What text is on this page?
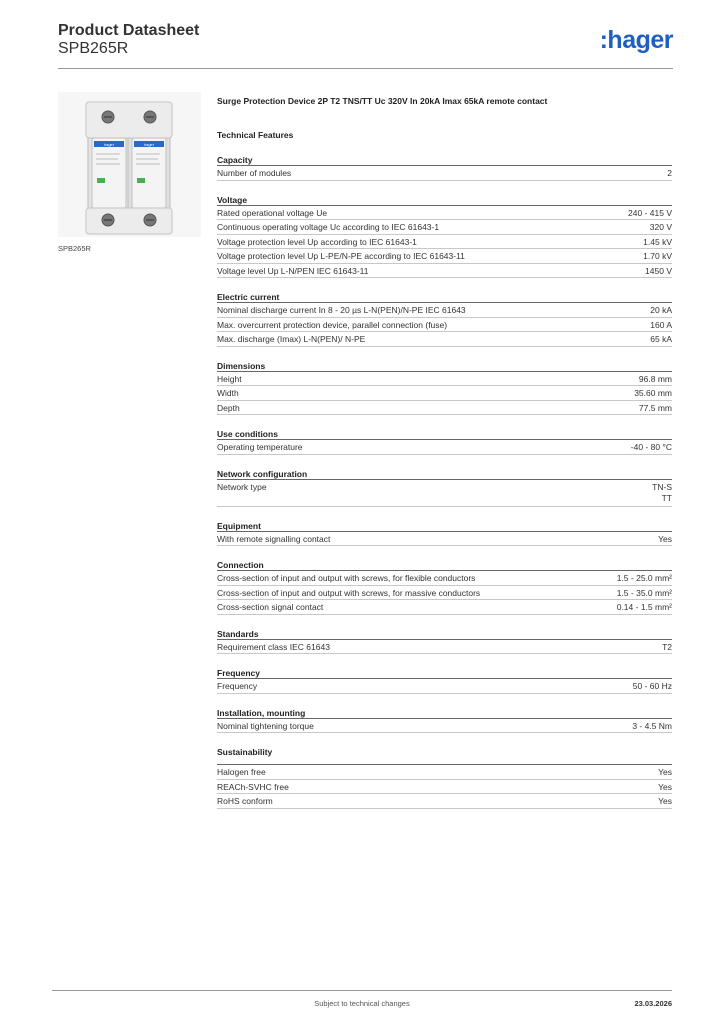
Product Datasheet
SPB265R	:hager
hager	hager
SPB265R
Surge Protection Device 2P T2 TNS/TT Uc 320V In 20kA Imax 65kA remote contact
Technical Features
Capacity
Number of modules	2
Voltage
Rated operational voltage Ue	240 - 415 V
Continuous operating voltage Uc according to IEC 61643-1	320 V
Voltage protection level Up according to IEC 61643-1	1.45 kV
Voltage protection level Up L-PE/N-PE according to IEC 61643-11	1.70 kV
Voltage level Up L-N/PEN IEC 61643-11	1450 V
Electric current
Nominal discharge current In 8 - 20 µs L-N(PEN)/N-PE IEC 61643	20 kA
Max. overcurrent protection device, parallel connection (fuse)	160 A
Max. discharge (Imax) L-N(PEN)/ N-PE	65 kA
Dimensions
Height	96.8 mm
Width	35.60 mm
Depth	77.5 mm
Use conditions
Operating temperature	-40 - 80 °C
Network configuration
Network type	TN-S
TT
Equipment
With remote signalling contact	Yes
Connection
Cross-section of input and output with screws, for flexible conductors	1.5 - 25.0 mm²
Cross-section of input and output with screws, for massive conductors	1.5 - 35.0 mm²
Cross-section signal contact	0.14 - 1.5 mm²
Standards
Requirement class IEC 61643	T2
Frequency
Frequency	50 - 60 Hz
Installation, mounting
Nominal tightening torque	3 - 4.5 Nm
Sustainability
Halogen free	Yes
REACh-SVHC free	Yes
RoHS conform	Yes
Subject to technical changes	23.03.2026
